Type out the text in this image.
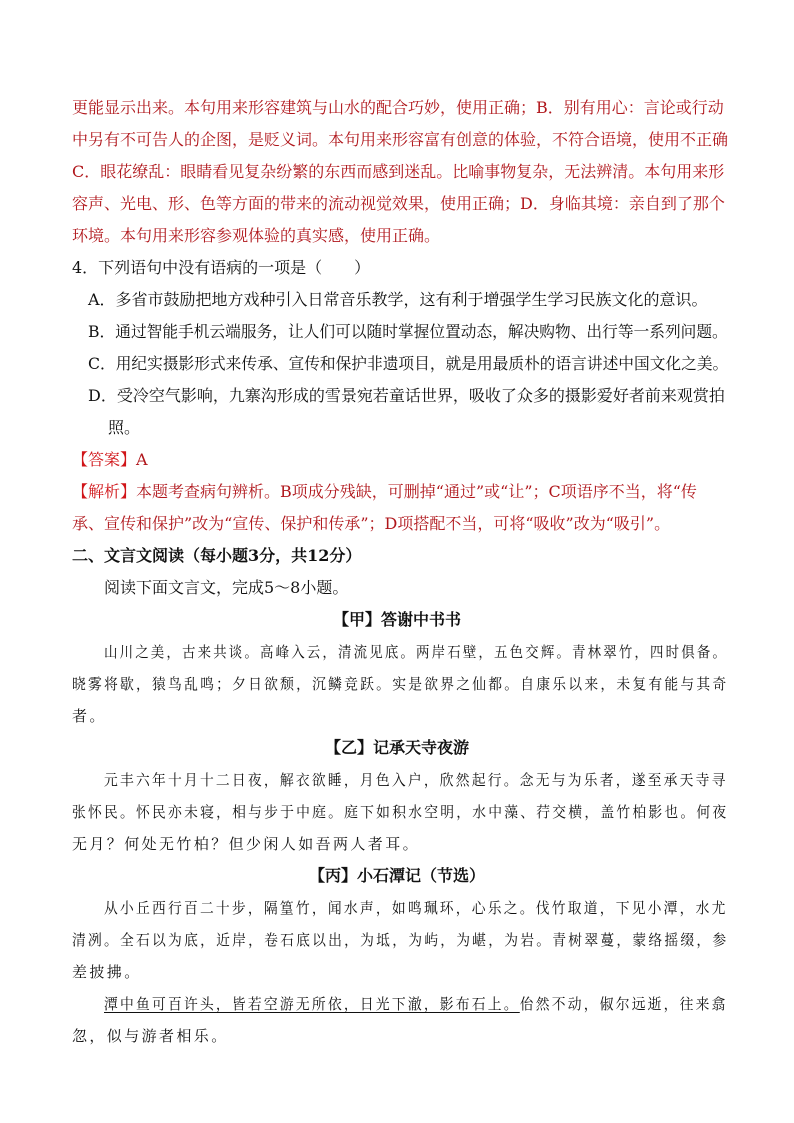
更能显示出来。本句用来形容建筑与山水的配合巧妙，使用正确；B．别有用心：言论或行动
中另有不可告人的企图，是贬义词。本句用来形容富有创意的体验，不符合语境，使用不正确
C．眼花缭乱：眼睛看见复杂纷繁的东西而感到迷乱。比喻事物复杂，无法辨清。本句用来形
容声、光电、形、色等方面的带来的流动视觉效果，使用正确；D．身临其境：亲自到了那个
环境。本句用来形容参观体验的真实感，使用正确。
4．下列语句中没有语病的一项是（　　）
A．多省市鼓励把地方戏种引入日常音乐教学，这有利于增强学生学习民族文化的意识。
B．通过智能手机云端服务，让人们可以随时掌握位置动态，解决购物、出行等一系列问题。
C．用纪实摄影形式来传承、宣传和保护非遗项目，就是用最质朴的语言讲述中国文化之美。
D．受冷空气影响，九寨沟形成的雪景宛若童话世界，吸收了众多的摄影爱好者前来观赏拍
照。
【答案】A
【解析】本题考查病句辨析。B项成分残缺，可删掉“通过”或“让”；C项语序不当，将“传
承、宣传和保护”改为“宣传、保护和传承”；D项搭配不当，可将“吸收”改为“吸引”。
二、文言文阅读（每小题3分，共12分）
阅读下面文言文，完成5～8小题。
【甲】答谢中书书
山川之美，古来共谈。高峰入云，清流见底。两岸石壁，五色交辉。青林翠竹，四时俱备。
晓雾将歇，猿鸟乱鸣；夕日欲颓，沉鳞竞跃。实是欲界之仙都。自康乐以来，未复有能与其奇
者。
【乙】记承天寺夜游
元丰六年十月十二日夜，解衣欲睡，月色入户，欣然起行。念无与为乐者，遂至承天寺寻
张怀民。怀民亦未寝，相与步于中庭。庭下如积水空明，水中藻、荇交横，盖竹柏影也。何夜
无月？何处无竹柏？但少闲人如吾两人者耳。
【丙】小石潭记（节选）
从小丘西行百二十步，隔篁竹，闻水声，如鸣珮环，心乐之。伐竹取道，下见小潭，水尤
清冽。全石以为底，近岸，卷石底以出，为坻，为屿，为嵁，为岩。青树翠蔓，蒙络摇缀，参
差披拂。
潭中鱼可百许头，皆若空游无所依，日光下澈，影布石上。佁然不动，俶尔远逝，往来翕
忽，似与游者相乐。
